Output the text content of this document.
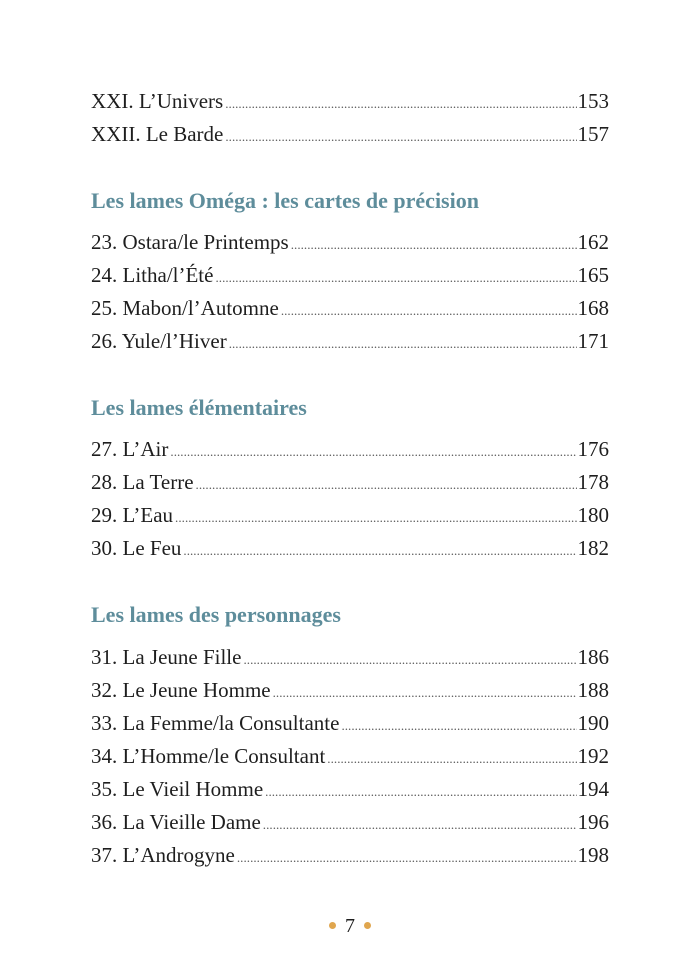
XXI. L’Univers . . .	153
XXII. Le Barde . . .	157
Les lames Oméga : les cartes de précision
23. Ostara/le Printemps . . .	162
24. Litha/l’Été . . .	165
25. Mabon/l’Automne . . .	168
26. Yule/l’Hiver . . .	171
Les lames élémentaires
27. L’Air . . .	176
28. La Terre . . .	178
29. L’Eau . . .	180
30. Le Feu . . .	182
Les lames des personnages
31. La Jeune Fille . . .	186
32. Le Jeune Homme . . .	188
33. La Femme/la Consultante . . .	190
34. L’Homme/le Consultant . . .	192
35. Le Vieil Homme . . .	194
36. La Vieille Dame . . .	196
37. L’Androgyne . . .	198
7
